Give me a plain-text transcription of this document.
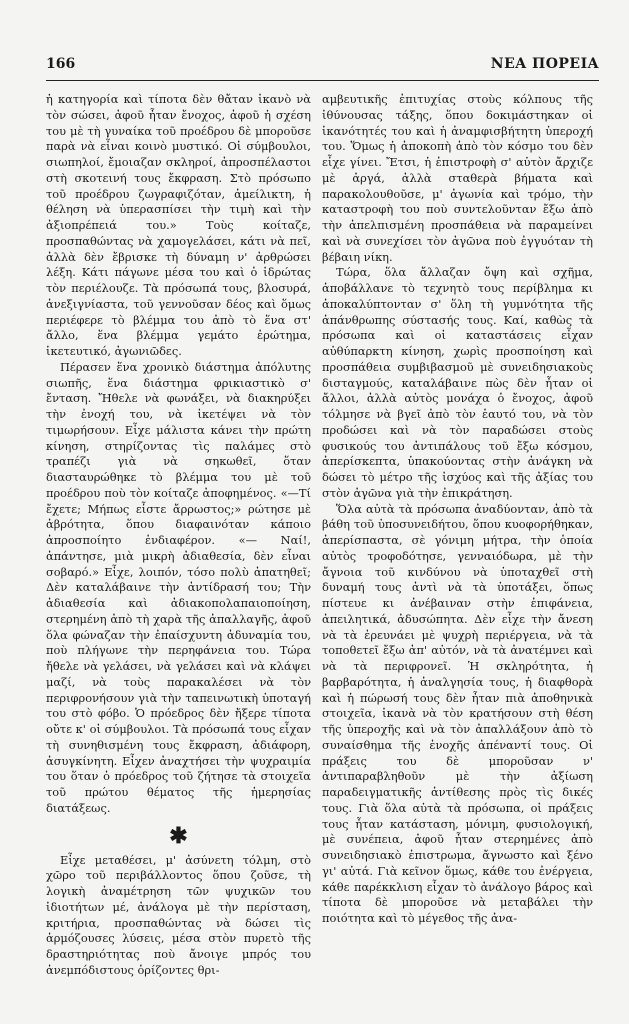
166	ΝΕΑ ΠΟΡΕΙΑ

ἡ κατηγορία καὶ τίποτα δὲν θἄταν ἱκανὸ νὰ τὸν σώσει, ἀφοῦ ἦταν ἔνοχος, ἀφοῦ ἡ σχέση του μὲ τὴ γυναίκα τοῦ προέδρου δὲ μποροῦσε παρὰ νὰ εἶναι κοινὸ μυστικό. Οἱ σύμβουλοι, σιωπηλοί, ἔμοιαζαν σκληροί, ἀπροσπέλαστοι στὴ σκοτεινή τους ἔκφραση. Στὸ πρόσωπο τοῦ προέδρου ζωγραφιζόταν, ἀμείλικτη, ἡ θέληση νὰ ὑπερασπίσει τὴν τιμὴ καὶ τὴν ἀξιοπρέπειά του.» Τοὺς κοίταζε, προσπαθώντας νὰ χαμογελάσει, κάτι νὰ πεῖ, ἀλλὰ δὲν ἔβρισκε τὴ δύναμη ν' ἀρθρώσει λέξη. Κάτι πάγωνε μέσα του καὶ ὁ ἱδρώτας τὸν περιέλουζε. Τὰ πρόσωπά τους, βλοσυρά, ἀνεξιγνίαστα, τοῦ γεννοῦσαν δέος καὶ ὅμως περιέφερε τὸ βλέμμα του ἀπὸ τὸ ἕνα στ' ἄλλο, ἕνα βλέμμα γεμάτο ἐρώτημα, ἱκετευτικό, ἀγωνιῶδες.

Πέρασεν ἕνα χρονικὸ διάστημα ἀπόλυτης σιωπῆς, ἕνα διάστημα φρικιαστικὸ σ' ἔνταση. Ἤθελε νὰ φωνάξει, νὰ διακηρύξει τὴν ἐνοχή του, νὰ ἱκετέψει νὰ τὸν τιμωρήσουν. Εἶχε μάλιστα κάνει τὴν πρώτη κίνηση, στηρίζοντας τὶς παλάμες στὸ τραπέζι γιὰ νὰ σηκωθεῖ, ὅταν διασταυρώθηκε τὸ βλέμμα του μὲ τοῦ προέδρου ποὺ τὸν κοίταζε ἀποφημένος. «—Τί ἔχετε; Μήπως εἶστε ἄρρωστος;» ρώτησε μὲ ἀβρότητα, ὅπου διαφαινόταν κάποιο ἀπροσποίητο ἐνδιαφέρον. «— Ναί!, ἀπάντησε, μιὰ μικρὴ ἀδιαθεσία, δὲν εἶναι σοβαρό.» Εἶχε, λοιπόν, τόσο πολὺ ἀπατηθεῖ; Δὲν καταλάβαινε τὴν ἀντίδρασή του; Τὴν ἀδιαθεσία καὶ ἀδιακοπολαπαιοποίηση, στερημένη ἀπὸ τὴ χαρὰ τῆς ἀπαλλαγῆς, ἀφοῦ ὅλα φώναζαν τὴν ἐπαίσχυντη ἀδυναμία του, ποὺ πλήγωνε τὴν περηφάνεια του. Τώρα ἤθελε νὰ γελάσει, νὰ γελάσει καὶ νὰ κλάψει μαζί, νὰ τοὺς παρακαλέσει νὰ τὸν περιφρονήσουν γιὰ τὴν ταπεινωτικὴ ὑποταγή του στὸ φόβο. Ὁ πρόεδρος δὲν ἤξερε τίποτα οὔτε κ' οἱ σύμβουλοι. Τὰ πρόσωπά τους εἶχαν τὴ συνηθισμένη τους ἔκφραση, ἀδιάφορη, ἀσυγκίνητη. Εἶχεν ἀναχτήσει τὴν ψυχραιμία του ὅταν ὁ πρόεδρος τοῦ ζήτησε τὰ στοιχεῖα τοῦ πρώτου θέματος τῆς ἡμερησίας διατάξεως.

✱

Εἶχε μεταθέσει, μ' ἀσύνετη τόλμη, στὸ χῶρο τοῦ περιβάλλοντος ὅπου ζοῦσε, τὴ λογικὴ ἀναμέτρηση τῶν ψυχικῶν του ἰδιοτήτων μέ, ἀνάλογα μὲ τὴν περίσταση, κριτήρια, προσπαθώντας νὰ δώσει τὶς ἁρμόζουσες λύσεις, μέσα στὸν πυρετὸ τῆς δραστηριότητας ποὺ ἄνοιγε μπρός του ἀνεμπόδιστους ὁρίζοντες θρι-

αμβευτικῆς ἐπιτυχίας στοὺς κόλπους τῆς ἰθύνουσας τάξης, ὅπου δοκιμάστηκαν οἱ ἱκανότητές του καὶ ἡ ἀναμφισβήτητη ὑπεροχή του. Ὅμως ἡ ἀποκοπὴ ἀπὸ τὸν κόσμο του δὲν εἶχε γίνει. Ἔτσι, ἡ ἐπιστροφὴ σ' αὐτὸν ἄρχιζε μὲ ἀργά, ἀλλὰ σταθερὰ βήματα καὶ παρακολουθοῦσε, μ' ἀγωνία καὶ τρόμο, τὴν καταστροφὴ του ποὺ συντελοῦνταν ἔξω ἀπὸ τὴν ἀπελπισμένη προσπάθεια νὰ παραμείνει καὶ νὰ συνεχίσει τὸν ἀγῶνα ποὺ ἐγγυόταν τὴ βέβαιη νίκη.

Τώρα, ὅλα ἄλλαζαν ὄψη καὶ σχῆμα, ἀποβάλλανε τὸ τεχνητὸ τους περίβλημα κι ἀποκαλύπτονταν σ' ὅλη τὴ γυμνότητα τῆς ἀπάνθρωπης σύστασής τους. Καί, καθὼς τὰ πρόσωπα καὶ οἱ καταστάσεις εἶχαν αὐθύπαρκτη κίνηση, χωρὶς προσποίηση καὶ προσπάθεια συμβιβασμοῦ μὲ συνειδησιακοὺς δισταγμούς, καταλάβαινε πὼς δὲν ἦταν οἱ ἄλλοι, ἀλλὰ αὐτὸς μονάχα ὁ ἔνοχος, ἀφοῦ τόλμησε νὰ βγεῖ ἀπὸ τὸν ἑαυτό του, νὰ τὸν προδώσει καὶ νὰ τὸν παραδώσει στοὺς φυσικούς του ἀντιπάλους τοῦ ἔξω κόσμου, ἀπερίσκεπτα, ὑπακούοντας στὴν ἀνάγκη νὰ δώσει τὸ μέτρο τῆς ἰσχύος καὶ τῆς ἀξίας του στὸν ἀγῶνα γιὰ τὴν ἐπικράτηση.

Ὅλα αὐτὰ τὰ πρόσωπα ἀναδύονταν, ἀπὸ τὰ βάθη τοῦ ὑποσυνειδήτου, ὅπου κυοφορήθηκαν, ἀπερίσπαστα, σὲ γόνιμη μήτρα, τὴν ὁποία αὐτὸς τροφοδότησε, γενναιόδωρα, μὲ τὴν ἄγνοια τοῦ κινδύνου νὰ ὑποταχθεῖ στὴ δυναμή τους ἀντὶ νὰ τὰ ὑποτάξει, ὅπως πίστευε κι ἀνέβαιναν στὴν ἐπιφάνεια, ἀπειλητικά, ἀδυσώπητα. Δὲν εἶχε τὴν ἄνεση νὰ τὰ ἐρευνάει μὲ ψυχρὴ περιέργεια, νὰ τὰ τοποθετεῖ ἔξω ἀπ' αὐτόν, νὰ τὰ ἀνατέμνει καὶ νὰ τὰ περιφρονεῖ. Ἡ σκληρότητα, ἡ βαρβαρότητα, ἡ ἀναλγησία τους, ἡ διαφθορὰ καὶ ἡ πώρωσή τους δὲν ἦταν πιὰ ἀποθηνικὰ στοιχεῖα, ἱκανὰ νὰ τὸν κρατήσουν στὴ θέση τῆς ὑπεροχῆς καὶ νὰ τὸν ἀπαλλάξουν ἀπὸ τὸ συναίσθημα τῆς ἐνοχῆς ἀπέναντί τους. Οἱ πράξεις του δὲ μποροῦσαν ν' ἀντιπαραβληθοῦν μὲ τὴν ἀξίωση παραδειγματικῆς ἀντίθεσης πρὸς τὶς δικές τους. Γιὰ ὅλα αὐτὰ τὰ πρόσωπα, οἱ πράξεις τους ἦταν κατάσταση, μόνιμη, φυσιολογική, μὲ συνέπεια, ἀφοῦ ἦταν στερημένες ἀπὸ συνειδησιακὸ ἐπιστρωμα, ἄγνωστο καὶ ξένο γι' αὐτά. Γιὰ κεῖνον ὅμως, κάθε του ἐνέργεια, κάθε παρέκκλιση εἶχαν τὸ ἀνάλογο βάρος καὶ τίποτα δὲ μποροῦσε νὰ μεταβάλει τὴν ποιότητα καὶ τὸ μέγεθος τῆς ἀνα-
